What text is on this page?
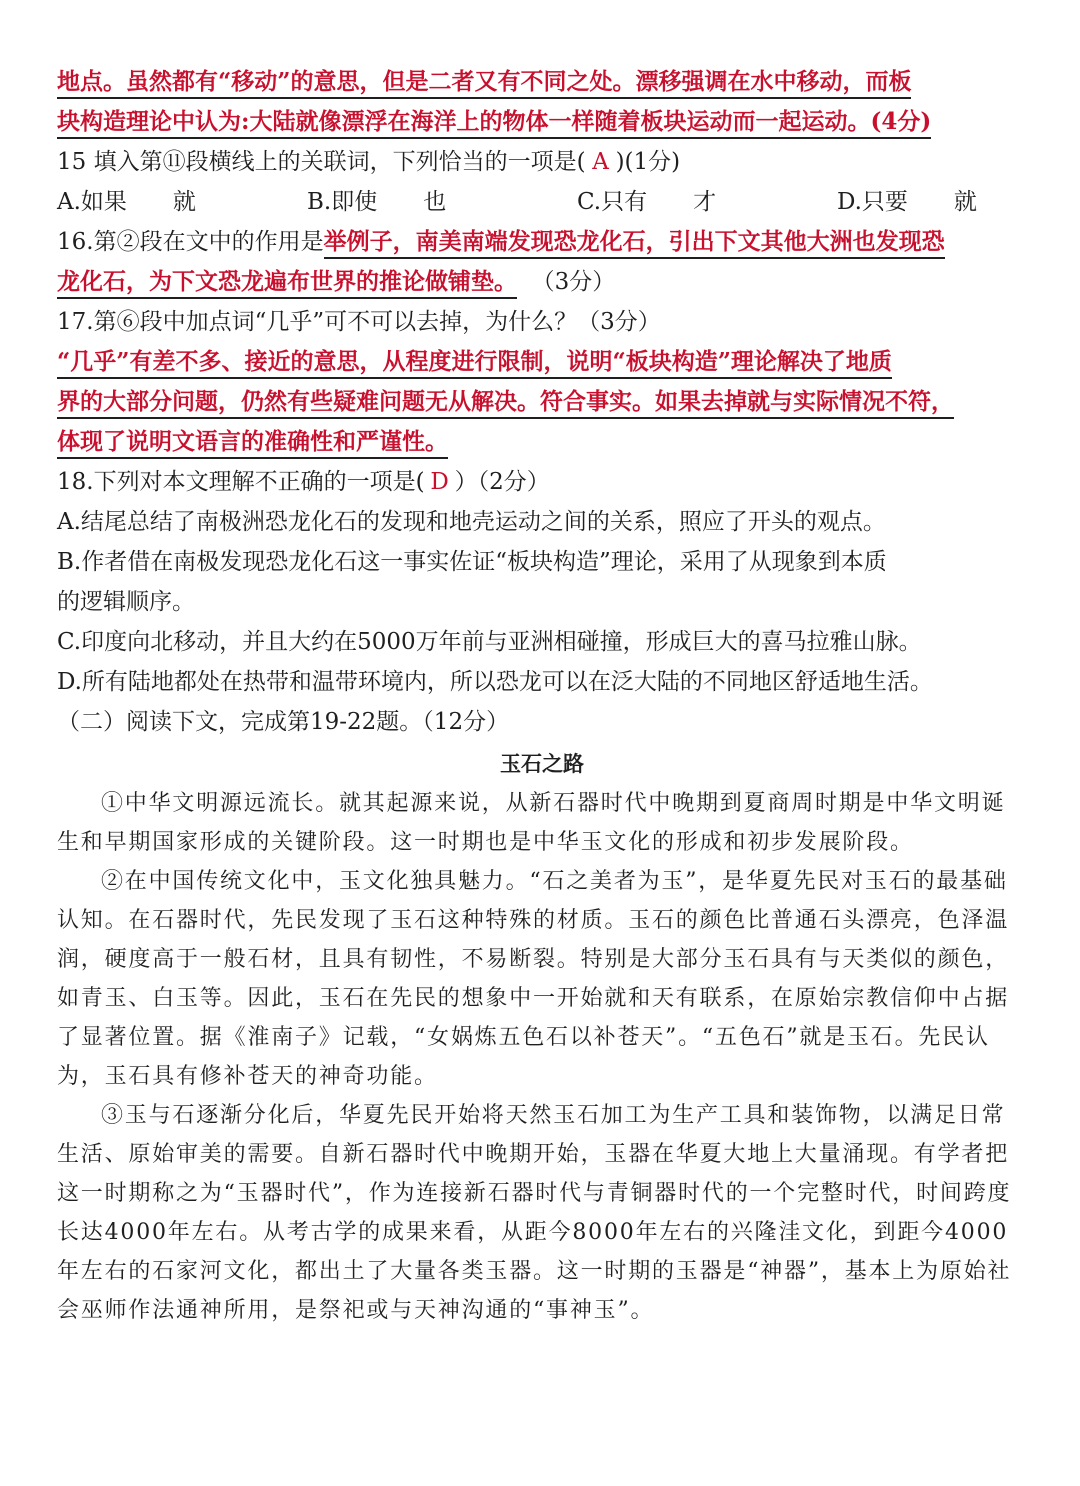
地点。虽然都有“移动”的意思，但是二者又有不同之处。漂移强调在水中移动，而板
块构造理论中认为:大陆就像漂浮在海洋上的物体一样随着板块运动而一起运动。(4分)
15 填入第⑪段横线上的关联词，下列恰当的一项是( A )(1分)
A.如果　　就	B.即使　　也	C.只有　　才	D.只要　　就
16.第②段在文中的作用是举例子，南美南端发现恐龙化石，引出下文其他大洲也发现恐
龙化石，为下文恐龙遍布世界的推论做铺垫。 （3分）
17.第⑥段中加点词“几乎”可不可以去掉，为什么？（3分）
“几乎”有差不多、接近的意思，从程度进行限制，说明“板块构造”理论解决了地质
界的大部分问题，仍然有些疑难问题无从解决。符合事实。如果去掉就与实际情况不符，
体现了说明文语言的准确性和严谨性。
18.下列对本文理解不正确的一项是( D ）（2分）
A.结尾总结了南极洲恐龙化石的发现和地壳运动之间的关系，照应了开头的观点。
B.作者借在南极发现恐龙化石这一事实佐证“板块构造”理论，采用了从现象到本质
的逻辑顺序。
C.印度向北移动，并且大约在5000万年前与亚洲相碰撞，形成巨大的喜马拉雅山脉。
D.所有陆地都处在热带和温带环境内，所以恐龙可以在泛大陆的不同地区舒适地生活。
（二）阅读下文，完成第19-22题。（12分）
玉石之路
①中华文明源远流长。就其起源来说，从新石器时代中晚期到夏商周时期是中华文明诞生和早期国家形成的关键阶段。这一时期也是中华玉文化的形成和初步发展阶段。
②在中国传统文化中，玉文化独具魅力。“石之美者为玉”，是华夏先民对玉石的最基础认知。在石器时代，先民发现了玉石这种特殊的材质。玉石的颜色比普通石头漂亮，色泽温润，硬度高于一般石材，且具有韧性，不易断裂。特别是大部分玉石具有与天类似的颜色，如青玉、白玉等。因此，玉石在先民的想象中一开始就和天有联系，在原始宗教信仰中占据了显著位置。据《淮南子》记载，“女娲炼五色石以补苍天”。“五色石”就是玉石。先民认为，玉石具有修补苍天的神奇功能。
③玉与石逐渐分化后，华夏先民开始将天然玉石加工为生产工具和装饰物，以满足日常生活、原始审美的需要。自新石器时代中晚期开始，玉器在华夏大地上大量涌现。有学者把这一时期称之为“玉器时代”，作为连接新石器时代与青铜器时代的一个完整时代，时间跨度长达4000年左右。从考古学的成果来看，从距今8000年左右的兴隆洼文化，到距今4000年左右的石家河文化，都出土了大量各类玉器。这一时期的玉器是“神器”，基本上为原始社会巫师作法通神所用，是祭祀或与天神沟通的“事神玉”。
